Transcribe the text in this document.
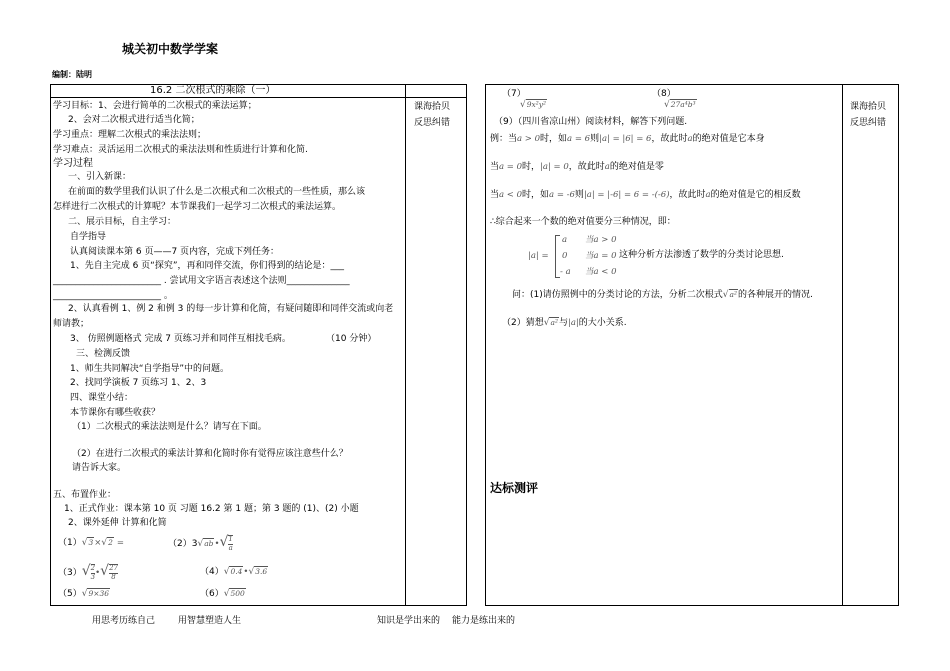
城关初中数学学案
编制：陆明
课海拾贝
反思纠错
课海拾贝
反思纠错
16.2 二次根式的乘除（一）
学习目标：1、会进行简单的二次根式的乘法运算；
2、会对二次根式进行适当化简；
学习重点：理解二次根式的乘法法则；
学习难点：灵活运用二次根式的乘法法则和性质进行计算和化简.
学习过程
一、引入新课：
在前面的数学里我们认识了什么是二次根式和二次根式的一些性质，那么该
怎样进行二次根式的计算呢？本节课我们一起学习二次根式的乘法运算。
二、展示目标，自主学习：
自学指导
认真阅读课本第 6 页——7 页内容，完成下列任务：
1、先自主完成 6 页“探究”，再和同伴交流，你们得到的结论是：___
________________________ . 尝试用文字语言表述这个法则______________
________________________ 。
2、认真看例 1、例 2 和例 3 的每一步计算和化简，有疑问随即和同伴交流或向老
师请教；
3、 仿照例题格式 完成 7 页练习并和同伴互相找毛病。	（10 分钟）
三、检测反馈
1、师生共同解决“自学指导”中的问题。
2、找同学演板 7 页练习 1、2、3
四、课堂小结：
本节课你有哪些收获？
（1）二次根式的乘法法则是什么？请写在下面。
（2）在进行二次根式的乘法计算和化简时你有觉得应该注意些什么？
请告诉大家。
五、布置作业：
1、正式作业：课本第 10 页 习题 16.2 第 1 题；第 3 题的 (1)、(2) 小题
2、课外延伸 计算和化简
（1）√3×√2 =	（2）3√ab•√ $\frac{1}{a}$
$(3)√ \frac{2}{3}$ •√ $\frac{27}{8}$	（4）√0.4•√3.6
（5）√9×36	（6）√500
（7）
√9x²y²
（8）
√27a⁴b³
（9）（四川省凉山州）阅读材料，解答下列问题.
例：当a > 0时，如a = 6则|a| = |6| = 6，故此时a的绝对值是它本身
当a = 0时，|a| = 0，故此时a的绝对值是零
当a < 0时，如a = -6则|a| = |-6| = 6 = -(-6)，故此时a的绝对值是它的相反数
∴综合起来一个数的绝对值要分三种情况，即：
|a| =
a 当a > 0
0 当a = 0
- a 当a < 0
这种分析方法渗透了数学的分类讨论思想.
问：(1)请仿照例中的分类讨论的方法，分析二次根式√a²的各种展开的情况.
（2）猜想√a²与|a|的大小关系.
达标测评
用思考历练自己	用智慧塑造人生	知识是学出来的 能力是练出来的
